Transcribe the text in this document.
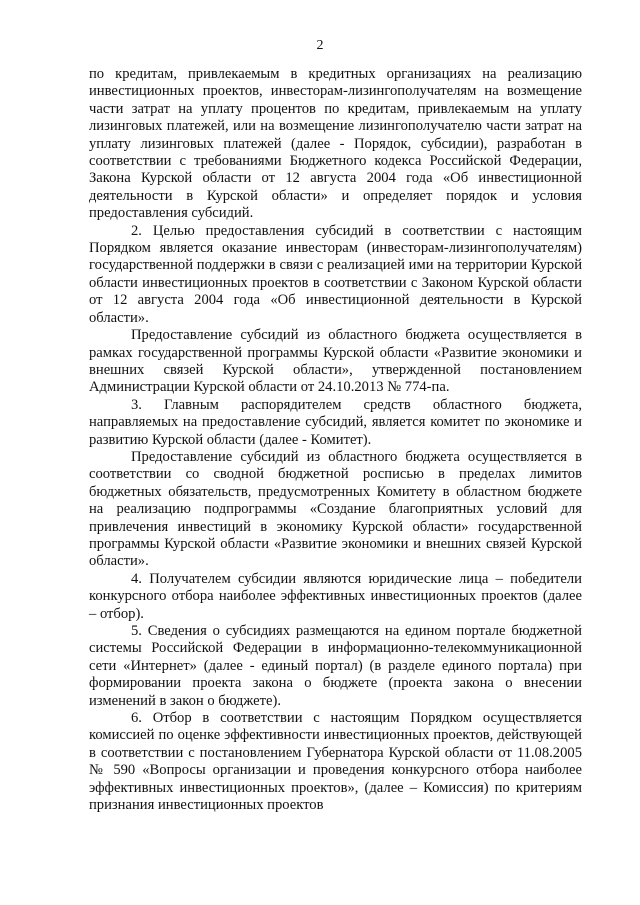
2

по кредитам, привлекаемым в кредитных организациях на реализацию инвестиционных проектов, инвесторам-лизингополучателям на возмещение части затрат на уплату процентов по кредитам, привлекаемым на уплату лизинговых платежей, или на возмещение лизингополучателю части затрат на уплату лизинговых платежей (далее - Порядок, субсидии), разработан в соответствии с требованиями Бюджетного кодекса Российской Федерации, Закона Курской области от 12 августа 2004 года «Об инвестиционной деятельности в Курской области» и определяет порядок и условия предоставления субсидий.

2. Целью предоставления субсидий в соответствии с настоящим Порядком является оказание инвесторам (инвесторам-лизингополучателям) государственной поддержки в связи с реализацией ими на территории Курской области инвестиционных проектов в соответствии с Законом Курской области от 12 августа 2004 года «Об инвестиционной деятельности в Курской области».

Предоставление субсидий из областного бюджета осуществляется в рамках государственной программы Курской области «Развитие экономики и внешних связей Курской области», утвержденной постановлением Администрации Курской области от 24.10.2013 № 774-па.

3. Главным распорядителем средств областного бюджета, направляемых на предоставление субсидий, является комитет по экономике и развитию Курской области (далее - Комитет).

Предоставление субсидий из областного бюджета осуществляется в соответствии со сводной бюджетной росписью в пределах лимитов бюджетных обязательств, предусмотренных Комитету в областном бюджете на реализацию подпрограммы «Создание благоприятных условий для привлечения инвестиций в экономику Курской области» государственной программы Курской области «Развитие экономики и внешних связей Курской области».

4. Получателем субсидии являются юридические лица – победители конкурсного отбора наиболее эффективных инвестиционных проектов (далее – отбор).

5. Сведения о субсидиях размещаются на едином портале бюджетной системы Российской Федерации в информационно-телекоммуникационной сети «Интернет» (далее - единый портал) (в разделе единого портала) при формировании проекта закона о бюджете (проекта закона о внесении изменений в закон о бюджете).

6. Отбор в соответствии с настоящим Порядком осуществляется комиссией по оценке эффективности инвестиционных проектов, действующей в соответствии с постановлением Губернатора Курской области от 11.08.2005 № 590 «Вопросы организации и проведения конкурсного отбора наиболее эффективных инвестиционных проектов», (далее – Комиссия) по критериям признания инвестиционных проектов
